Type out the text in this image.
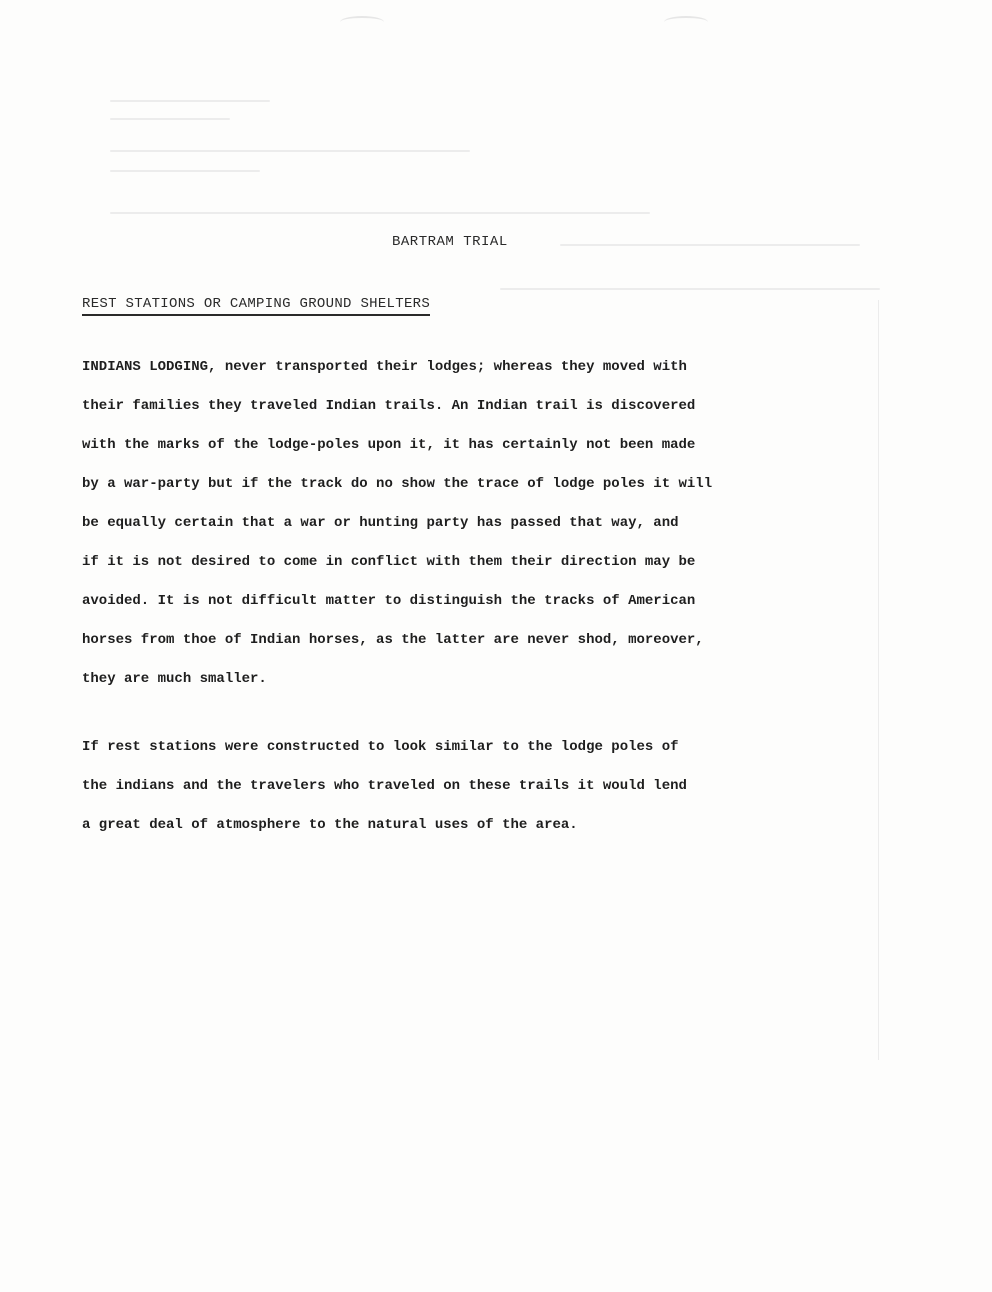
BARTRAM TRIAL
REST STATIONS OR CAMPING GROUND SHELTERS
INDIANS LODGING, never transported their lodges; whereas they moved with
their families they traveled Indian trails. An Indian trail is discovered
with the marks of the lodge-poles upon it, it has certainly not been made
by a war-party but if the track do no show the trace of lodge poles it will
be equally certain that a war or hunting party has passed that way, and
if it is not desired to come in conflict with them their direction may be
avoided. It is not difficult matter to distinguish the tracks of American
horses from thoe of Indian horses, as the latter are never shod, moreover,
they are much smaller.
If rest stations were constructed to look similar to the lodge poles of
the indians and the travelers who traveled on these trails it would lend
a great deal of atmosphere to the natural uses of the area.
